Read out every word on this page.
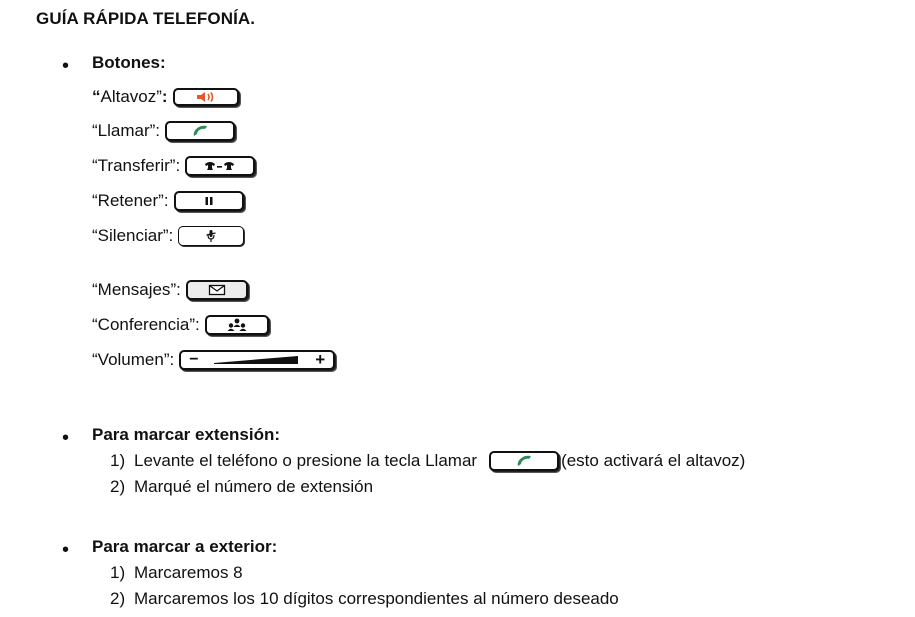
GUÍA RÁPIDA TELEFONÍA.
• Botones:
“Altavoz”:
“Llamar”:
“Transferir”:
“Retener”:
“Silenciar”:
“Mensajes”:
“Conferencia”:
“Volumen”: −	+
• Para marcar extensión:
1) Levante el teléfono o presione la tecla Llamar	(esto activará el altavoz)
2) Marqué el número de extensión
• Para marcar a exterior:
1) Marcaremos 8
2) Marcaremos los 10 dígitos correspondientes al número deseado
